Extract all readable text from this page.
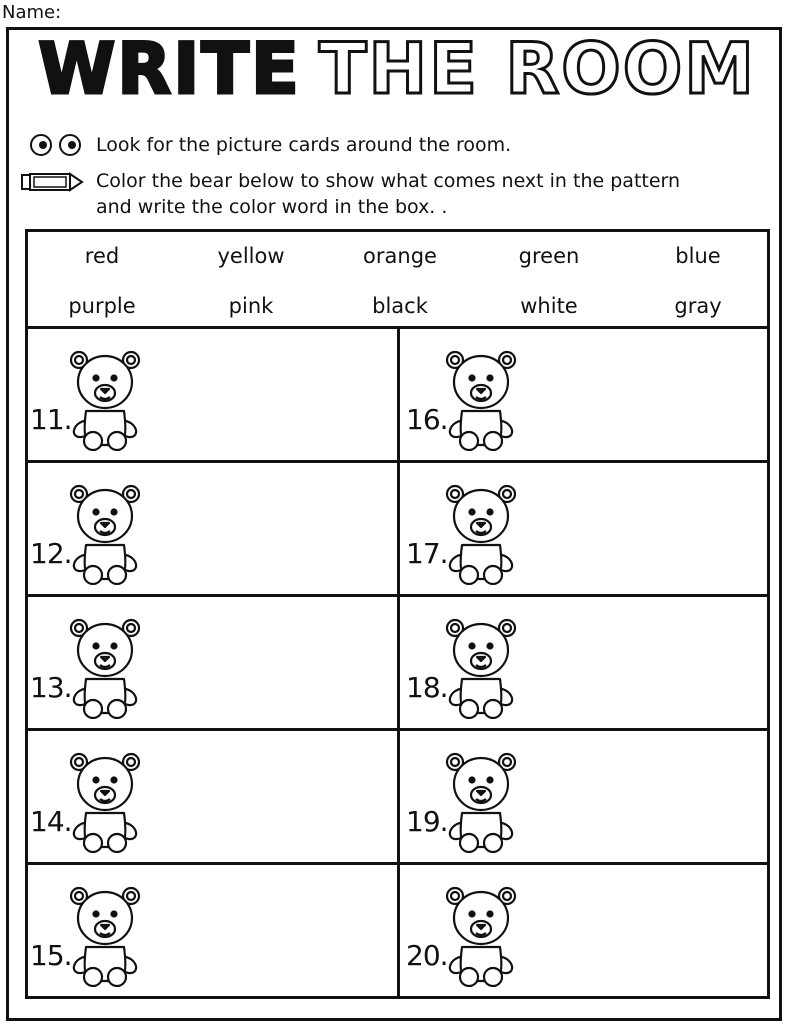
Name:
WRITE THE ROOM
Look for the picture cards around the room.
Color the bear below to show what comes next in the pattern
and write the color word in the box. .
red	yellow	orange	green	blue
purple	pink	black	white	gray
11.	16.
12.	17.
13.	18.
14.	19.
15.	20.
